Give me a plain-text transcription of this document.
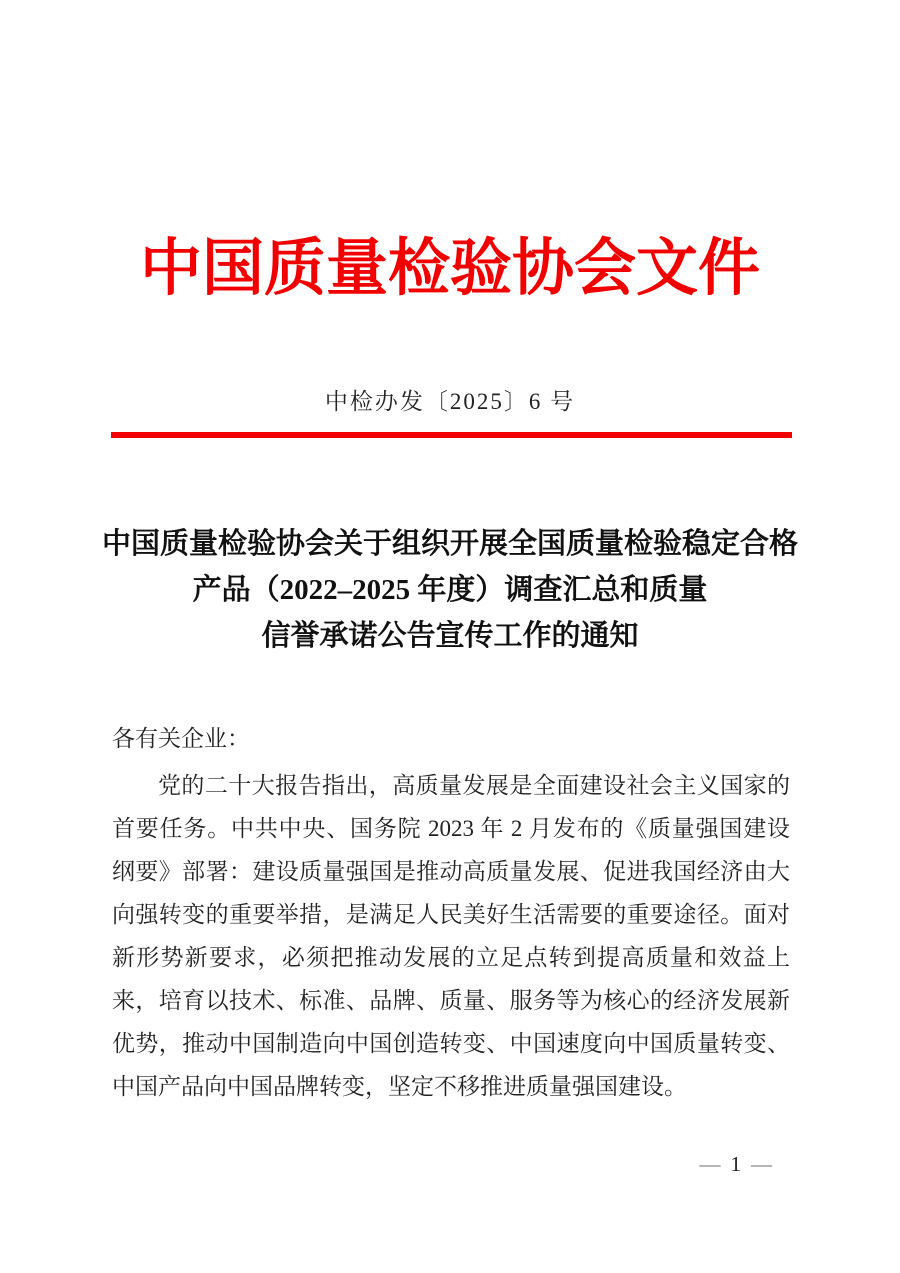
中国质量检验协会文件
中检办发〔2025〕6 号
中国质量检验协会关于组织开展全国质量检验稳定合格
产品（2022–2025 年度）调查汇总和质量
信誉承诺公告宣传工作的通知

各有关企业：

党的二十大报告指出，高质量发展是全面建设社会主义国家的首要任务。中共中央、国务院 2023 年 2 月发布的《质量强国建设纲要》部署：建设质量强国是推动高质量发展、促进我国经济由大向强转变的重要举措，是满足人民美好生活需要的重要途径。面对新形势新要求，必须把推动发展的立足点转到提高质量和效益上来，培育以技术、标准、品牌、质量、服务等为核心的经济发展新优势，推动中国制造向中国创造转变、中国速度向中国质量转变、中国产品向中国品牌转变，坚定不移推进质量强国建设。

— 1 —
